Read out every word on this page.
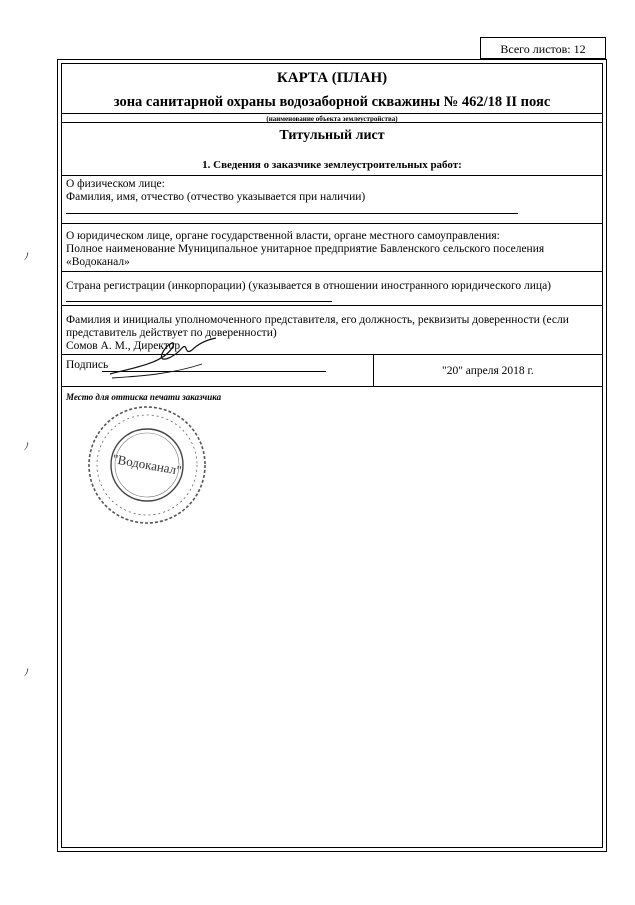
Всего листов: 12
КАРТА (ПЛАН)
зона санитарной охраны водозаборной скважины № 462/18 II пояс
(наименование объекта землеустройства)
Титульный лист
1. Сведения о заказчике землеустроительных работ:
О физическом лице:
Фамилия, имя, отчество (отчество указывается при наличии)
О юридическом лице, органе государственной власти, органе местного самоуправления:
Полное наименование Муниципальное унитарное предприятие Бавленского сельского поселения
«Водоканал»
Страна регистрации (инкорпорации) (указывается в отношении иностранного юридического лица)
Фамилия и инициалы уполномоченного представителя, его должность, реквизиты доверенности (если
представитель действует по доверенности)
Сомов А. М., Директор
Подпись	"20" апреля 2018 г.
Место для оттиска печати заказчика
"Водоканал"
ﾉ
ﾉ
ﾉ
